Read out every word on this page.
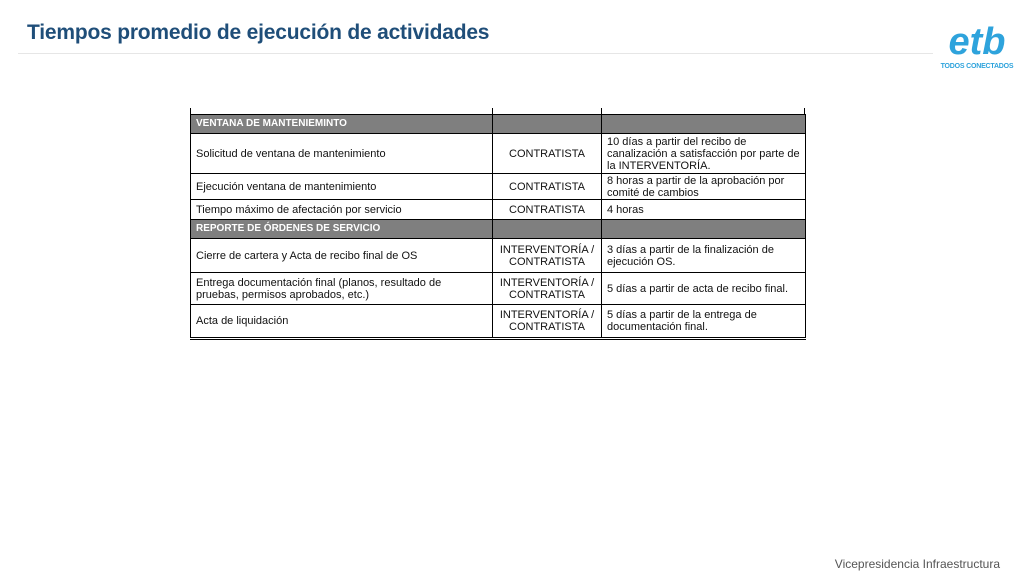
Tiempos promedio de ejecución de actividades	etb
TODOS CONECTADOS
VENTANA DE MANTENIEMINTO		
Solicitud de ventana de mantenimiento	CONTRATISTA	10 días a partir del recibo de canalización a satisfacción por parte de la INTERVENTORÍA.
Ejecución ventana de mantenimiento	CONTRATISTA	8 horas a partir de la aprobación por comité de cambios
Tiempo máximo de afectación por servicio	CONTRATISTA	4 horas
REPORTE DE ÓRDENES DE SERVICIO		
Cierre de cartera y Acta de recibo final de OS	INTERVENTORÍA / CONTRATISTA	3 días a partir de la finalización de ejecución OS.
Entrega documentación final (planos, resultado de pruebas, permisos aprobados, etc.)	INTERVENTORÍA / CONTRATISTA	5 días a partir de acta de recibo final.
Acta de liquidación	INTERVENTORÍA / CONTRATISTA	5 días a partir de la entrega de documentación final.
Vicepresidencia Infraestructura
